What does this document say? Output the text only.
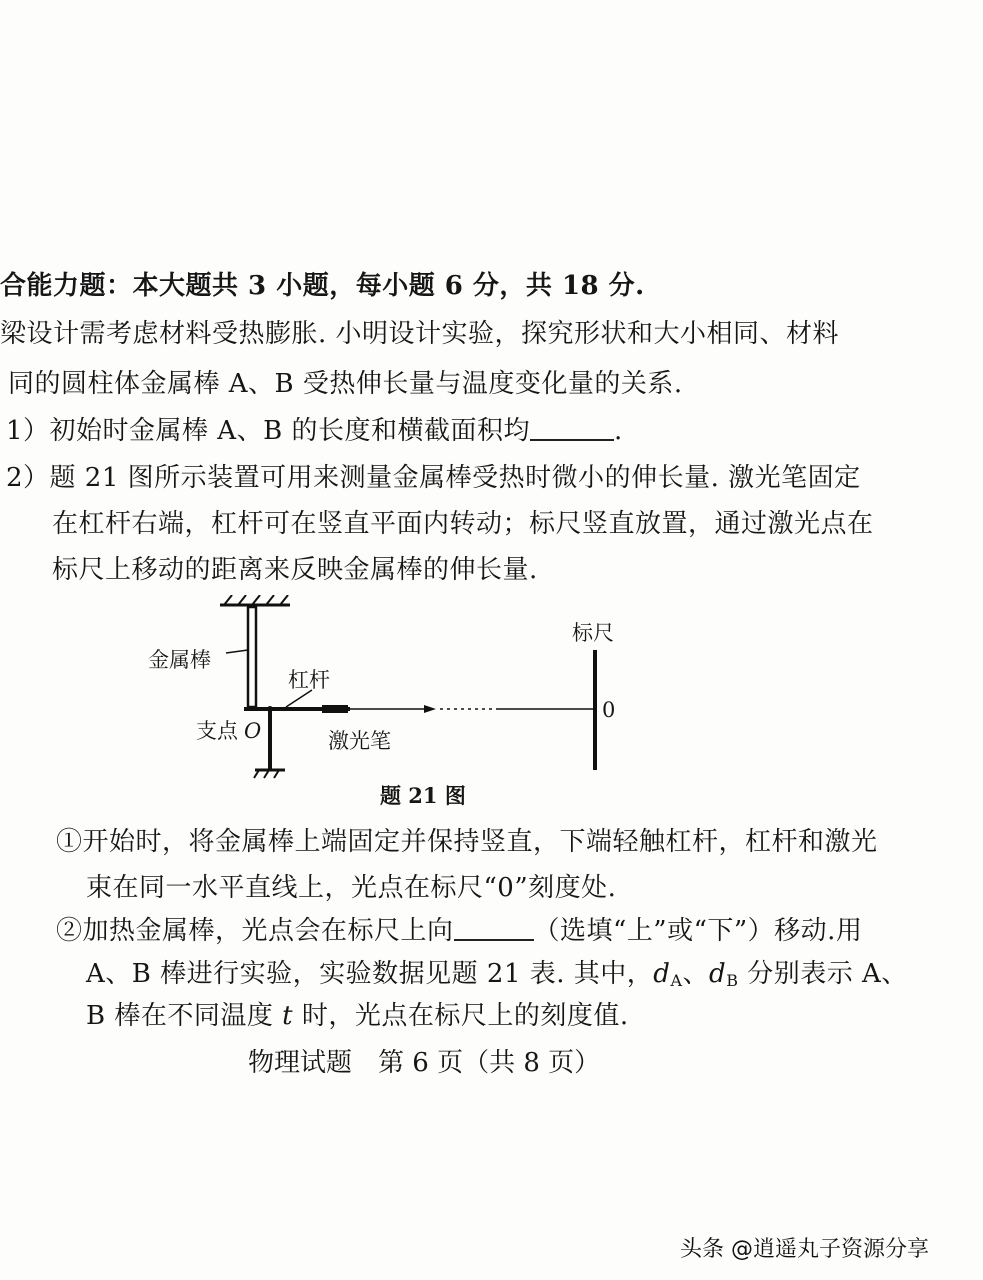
合能力题：本大题共 3 小题，每小题 6 分，共 18 分.
梁设计需考虑材料受热膨胀. 小明设计实验，探究形状和大小相同、材料
同的圆柱体金属棒 A、B 受热伸长量与温度变化量的关系.
1）初始时金属棒 A、B 的长度和横截面积均	.
2）题 21 图所示装置可用来测量金属棒受热时微小的伸长量. 激光笔固定
在杠杆右端，杠杆可在竖直平面内转动；标尺竖直放置，通过激光点在
标尺上移动的距离来反映金属棒的伸长量.
金属棒
杠杆
支点 O	激光笔
标尺
0
题 21 图
①开始时，将金属棒上端固定并保持竖直，下端轻触杠杆，杠杆和激光
束在同一水平直线上，光点在标尺“0”刻度处.
②加热金属棒，光点会在标尺上向	（选填“上”或“下”）移动.用
A、B 棒进行实验，实验数据见题 21 表. 其中，$d_A$、$d_B$ 分别表示 A、
B 棒在不同温度 t 时，光点在标尺上的刻度值.
物理试题　第 6 页（共 8 页）
头条 @逍遥丸子资源分享
